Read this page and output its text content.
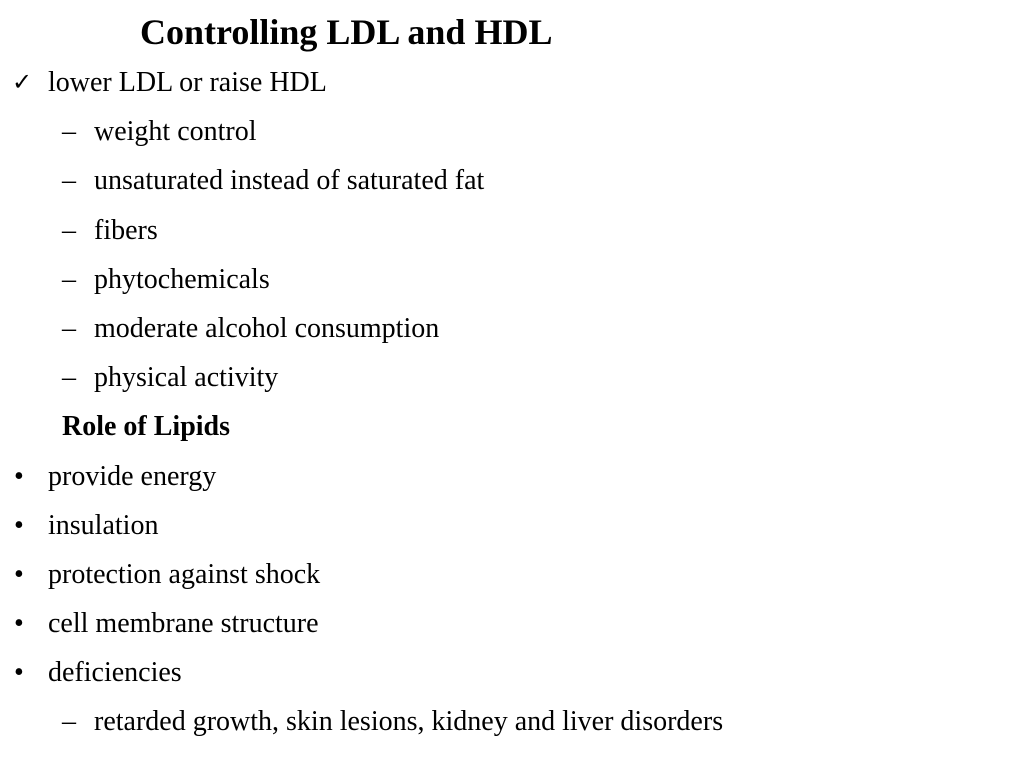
Controlling LDL and HDL
✓ lower LDL or raise HDL
– weight control
– unsaturated instead of saturated fat
– fibers
– phytochemicals
– moderate alcohol consumption
– physical activity
Role of Lipids
• provide energy
• insulation
• protection against shock
• cell membrane structure
• deficiencies
– retarded growth, skin lesions, kidney and liver disorders
